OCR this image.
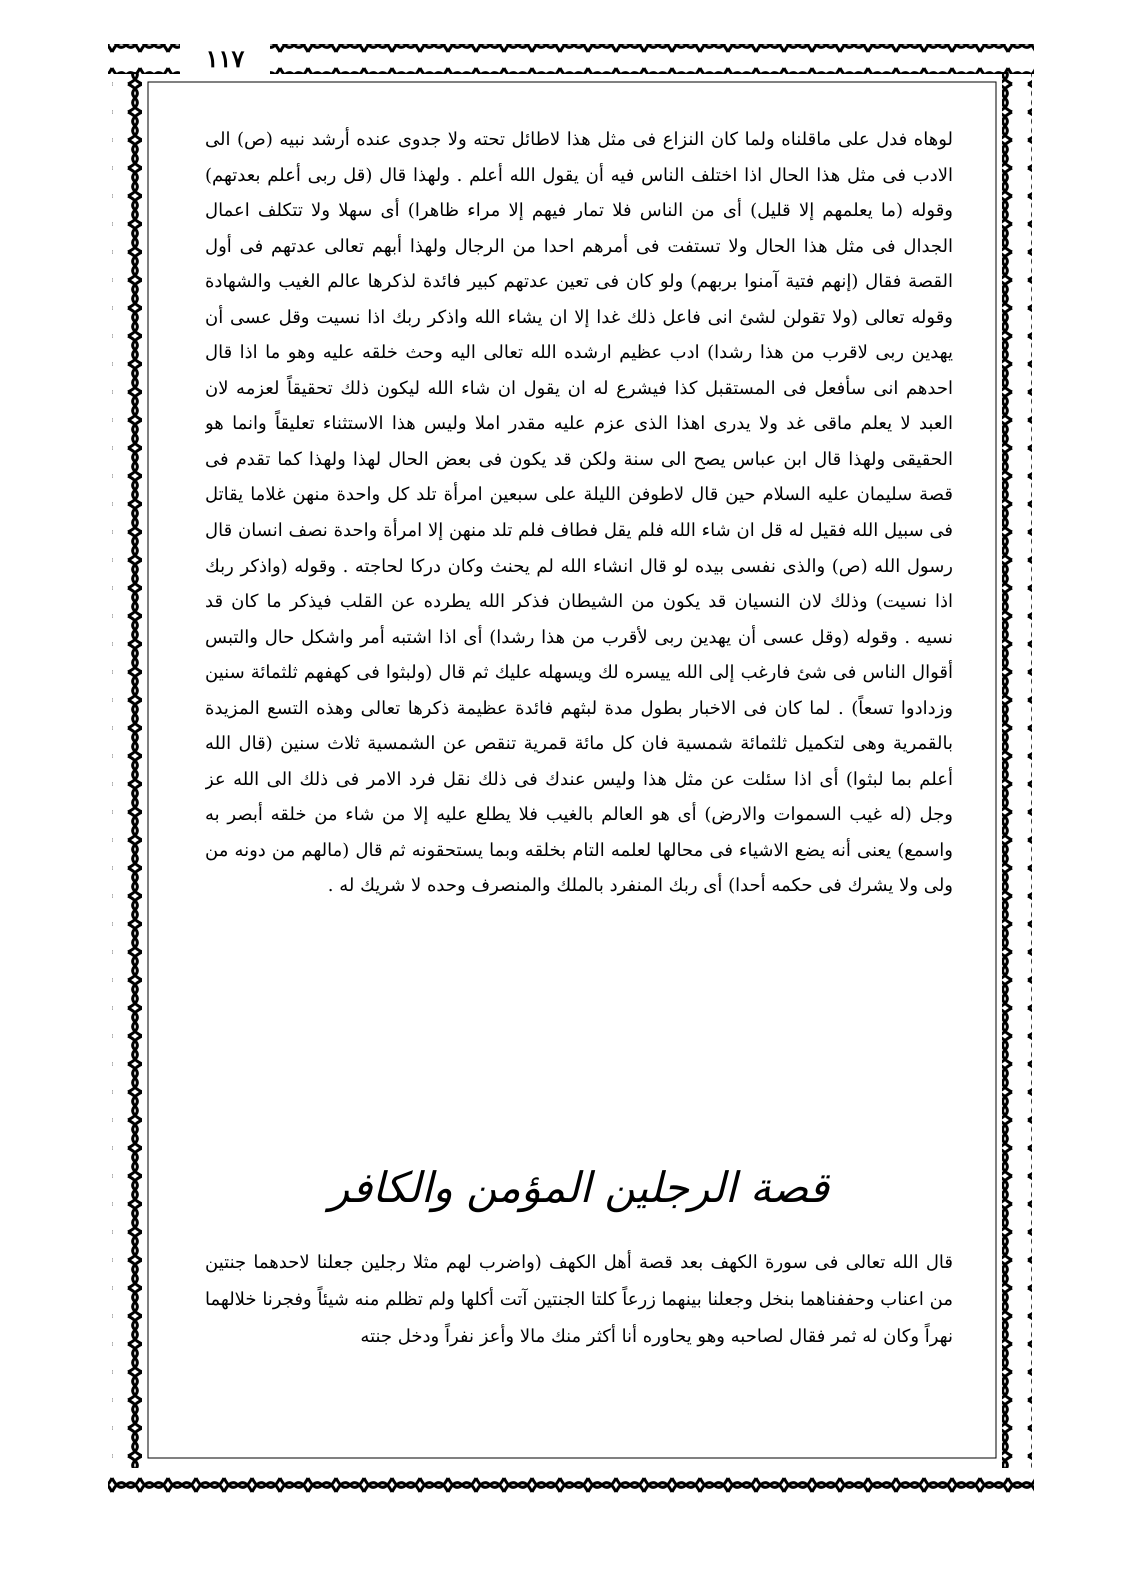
١١٧
لوهاه فدل على ماقلناه ولما كان النزاع فى مثل هذا لاطائل تحته ولا جدوى عنده أرشد نبيه (ص) الى الادب فى مثل هذا الحال اذا اختلف الناس فيه أن يقول الله أعلم . ولهذا قال (قل ربى أعلم بعدتهم) وقوله (ما يعلمهم إلا قليل) أى من الناس فلا تمار فيهم إلا مراء ظاهرا) أى سهلا ولا تتكلف اعمال الجدال فى مثل هذا الحال ولا تستفت فى أمرهم احدا من الرجال ولهذا أبهم تعالى عدتهم فى أول القصة فقال (إنهم فتية آمنوا بربهم) ولو كان فى تعين عدتهم كبير فائدة لذكرها عالم الغيب والشهادة وقوله تعالى (ولا تقولن لشئ انى فاعل ذلك غدا إلا ان يشاء الله واذكر ربك اذا نسيت وقل عسى أن يهدين ربى لاقرب من هذا رشدا) ادب عظيم ارشده الله تعالى اليه وحث خلقه عليه وهو ما اذا قال احدهم انى سأفعل فى المستقبل كذا فيشرع له ان يقول ان شاء الله ليكون ذلك تحقيقاً لعزمه لان العبد لا يعلم ماقى غد ولا يدرى اهذا الذى عزم عليه مقدر املا وليس هذا الاستثناء تعليقاً وانما هو الحقيقى ولهذا قال ابن عباس يصح الى سنة ولكن قد يكون فى بعض الحال لهذا ولهذا كما تقدم فى قصة سليمان عليه السلام حين قال لاطوفن الليلة على سبعين امرأة تلد كل واحدة منهن غلاما يقاتل فى سبيل الله فقيل له قل ان شاء الله فلم يقل فطاف فلم تلد منهن إلا امرأة واحدة نصف انسان قال رسول الله (ص) والذى نفسى بيده لو قال انشاء الله لم يحنث وكان دركا لحاجته . وقوله (واذكر ربك اذا نسيت) وذلك لان النسيان قد يكون من الشيطان فذكر الله يطرده عن القلب فيذكر ما كان قد نسيه . وقوله (وقل عسى أن يهدين ربى لأقرب من هذا رشدا) أى اذا اشتبه أمر واشكل حال والتبس أقوال الناس فى شئ فارغب إلى الله ييسره لك ويسهله عليك ثم قال (ولبثوا فى كهفهم ثلثمائة سنين وزدادوا تسعاً) . لما كان فى الاخبار بطول مدة لبثهم فائدة عظيمة ذكرها تعالى وهذه التسع المزيدة بالقمرية وهى لتكميل ثلثمائة شمسية فان كل مائة قمرية تنقص عن الشمسية ثلاث سنين (قال الله أعلم بما لبثوا) أى اذا سئلت عن مثل هذا وليس عندك فى ذلك نقل فرد الامر فى ذلك الى الله عز وجل (له غيب السموات والارض) أى هو العالم بالغيب فلا يطلع عليه إلا من شاء من خلقه أبصر به واسمع) يعنى أنه يضع الاشياء فى محالها لعلمه التام بخلقه وبما يستحقونه ثم قال (مالهم من دونه من ولى ولا يشرك فى حكمه أحدا) أى ربك المنفرد بالملك والمنصرف وحده لا شريك له .
قصة الرجلين المؤمن والكافر
قال الله تعالى فى سورة الكهف بعد قصة أهل الكهف (واضرب لهم مثلا رجلين جعلنا لاحدهما جنتين من اعناب وحففناهما بنخل وجعلنا بينهما زرعاً كلتا الجنتين آتت أكلها ولم تظلم منه شيئاً وفجرنا خلالهما نهراً وكان له ثمر فقال لصاحبه وهو يحاوره أنا أكثر منك مالا وأعز نفراً ودخل جنته
